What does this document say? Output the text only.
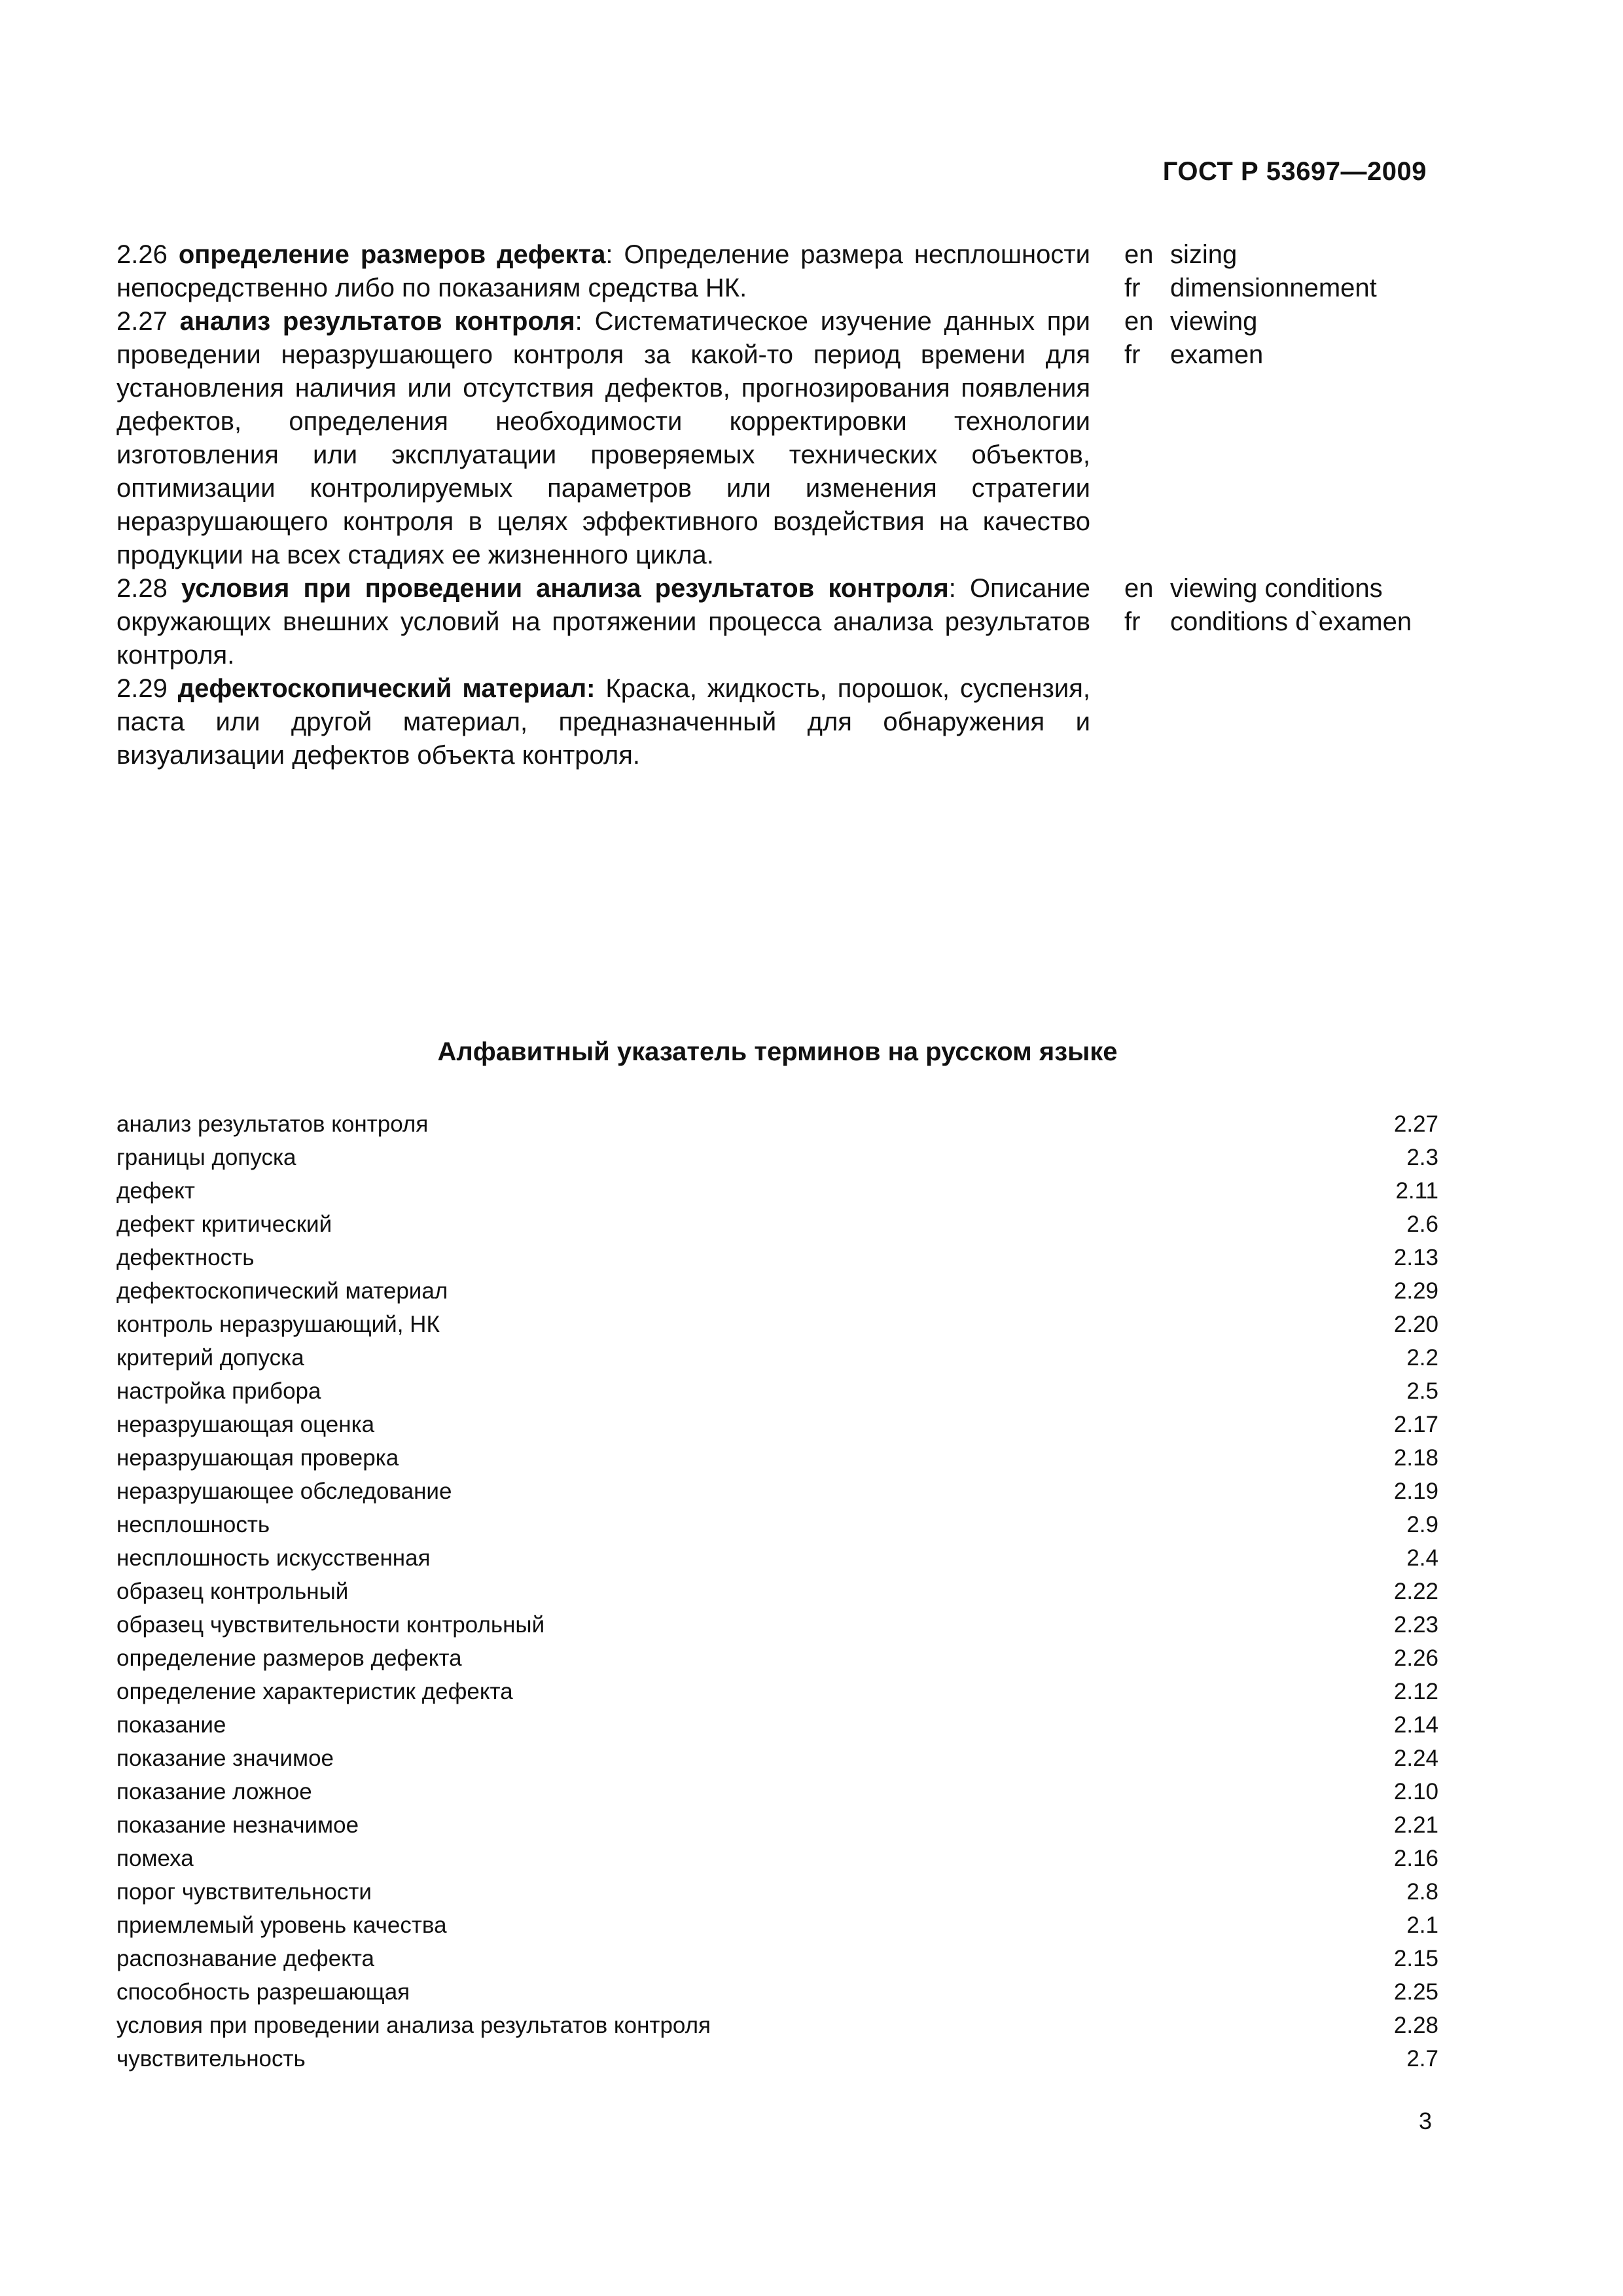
ГОСТ Р 53697—2009

2.26 определение размеров дефекта: Определение размера несплошности непосредственно либо по показаниям средства НК.

en sizing
fr	dimensionnement

2.27 анализ результатов контроля: Систематическое изучение данных при проведении неразрушающего контроля за какой-то период времени для установления наличия или отсутствия дефектов, прогнозирования появления дефектов, определения необходимости корректировки технологии изготовления или эксплуатации проверяемых технических объектов, оптимизации контролируемых параметров или изменения стратегии неразрушающего контроля в целях эффективного воздействия на качество продукции на всех стадиях ее жизненного цикла.

en viewing
fr	examen

2.28 условия при проведении анализа результатов контроля: Описание окружающих внешних условий на протяжении процесса анализа результатов контроля.

en viewing conditions
fr	conditions d`examen

2.29 дефектоскопический материал: Краска, жидкость, порошок, суспензия, паста или другой материал, предназначенный для обнаружения и визуализации дефектов объекта контроля.

Алфавитный указатель терминов на русском языке
анализ результатов контроля	2.27
границы допуска	2.3
дефект	2.11
дефект критический	2.6
дефектность	2.13
дефектоскопический материал	2.29
контроль неразрушающий, НК	2.20
критерий допуска	2.2
настройка прибора	2.5
неразрушающая оценка	2.17
неразрушающая проверка	2.18
неразрушающее обследование	2.19
несплошность	2.9
несплошность искусственная	2.4
образец контрольный	2.22
образец чувствительности контрольный	2.23
определение размеров дефекта	2.26
определение характеристик дефекта	2.12
показание	2.14
показание значимое	2.24
показание ложное	2.10
показание незначимое	2.21
помеха	2.16
порог чувствительности	2.8
приемлемый уровень качества	2.1
распознавание дефекта	2.15
способность разрешающая	2.25
условия при проведении анализа результатов контроля	2.28
чувствительность	2.7
3
